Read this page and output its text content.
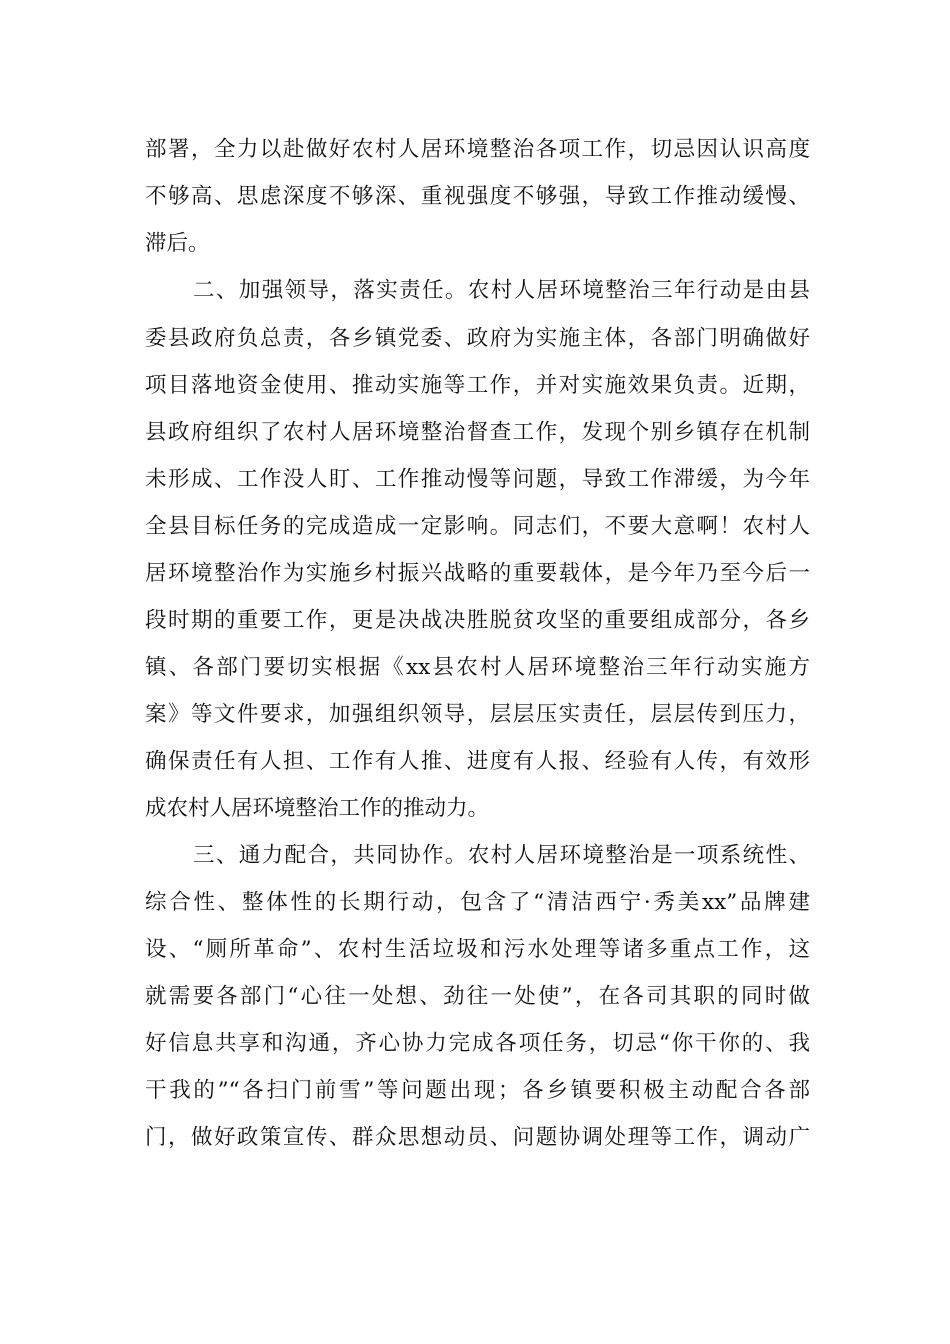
部署，全力以赴做好农村人居环境整治各项工作，切忌因认识高度
不够高、思虑深度不够深、重视强度不够强，导致工作推动缓慢、
滞后。
二、加强领导，落实责任。农村人居环境整治三年行动是由县
委县政府负总责，各乡镇党委、政府为实施主体，各部门明确做好
项目落地资金使用、推动实施等工作，并对实施效果负责。近期，
县政府组织了农村人居环境整治督查工作，发现个别乡镇存在机制
未形成、工作没人盯、工作推动慢等问题，导致工作滞缓，为今年
全县目标任务的完成造成一定影响。同志们，不要大意啊！农村人
居环境整治作为实施乡村振兴战略的重要载体，是今年乃至今后一
段时期的重要工作，更是决战决胜脱贫攻坚的重要组成部分，各乡
镇、各部门要切实根据《xx县农村人居环境整治三年行动实施方
案》等文件要求，加强组织领导，层层压实责任，层层传到压力，
确保责任有人担、工作有人推、进度有人报、经验有人传，有效形
成农村人居环境整治工作的推动力。
三、通力配合，共同协作。农村人居环境整治是一项系统性、
综合性、整体性的长期行动，包含了“清洁西宁·秀美xx”品牌建
设、“厕所革命”、农村生活垃圾和污水处理等诸多重点工作，这
就需要各部门“心往一处想、劲往一处使”，在各司其职的同时做
好信息共享和沟通，齐心协力完成各项任务，切忌“你干你的、我
干我的”“各扫门前雪”等问题出现；各乡镇要积极主动配合各部
门，做好政策宣传、群众思想动员、问题协调处理等工作，调动广
